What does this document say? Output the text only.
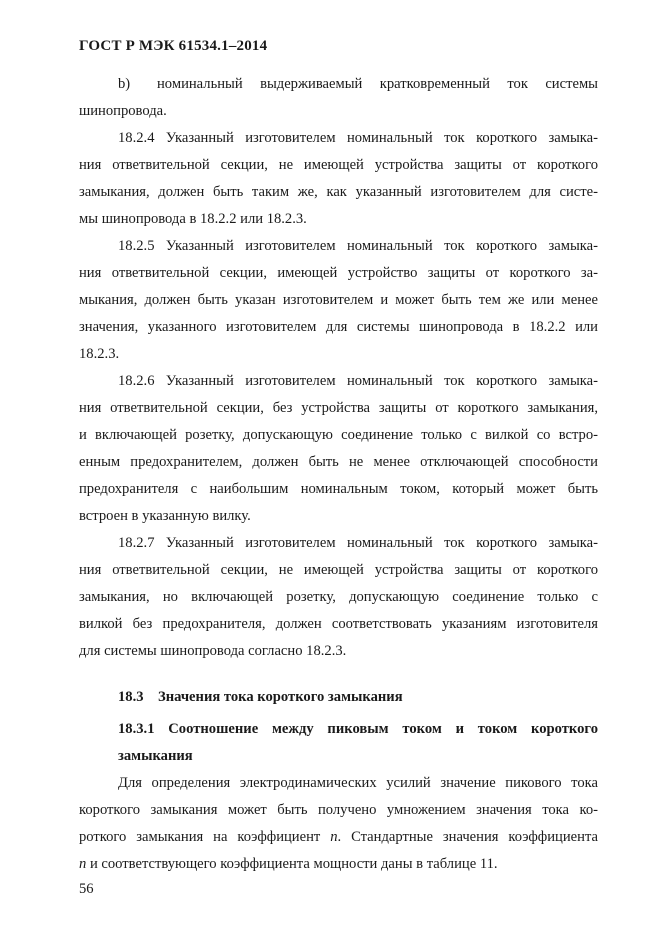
ГОСТ Р МЭК 61534.1–2014
b) номинальный выдерживаемый кратковременный ток системы
шинопровода.
18.2.4 Указанный изготовителем номинальный ток короткого замыка-
ния ответвительной секции, не имеющей устройства защиты от короткого
замыкания, должен быть таким же, как указанный изготовителем для систе-
мы шинопровода в 18.2.2 или 18.2.3.
18.2.5 Указанный изготовителем номинальный ток короткого замыка-
ния ответвительной секции, имеющей устройство защиты от короткого за-
мыкания, должен быть указан изготовителем и может быть тем же или менее
значения, указанного изготовителем для системы шинопровода в 18.2.2 или
18.2.3.
18.2.6 Указанный изготовителем номинальный ток короткого замыка-
ния ответвительной секции, без устройства защиты от короткого замыкания,
и включающей розетку, допускающую соединение только с вилкой со встро-
енным предохранителем, должен быть не менее отключающей способности
предохранителя с наибольшим номинальным током, который может быть
встроен в указанную вилку.
18.2.7 Указанный изготовителем номинальный ток короткого замыка-
ния ответвительной секции, не имеющей устройства защиты от короткого
замыкания, но включающей розетку, допускающую соединение только с
вилкой без предохранителя, должен соответствовать указаниям изготовителя
для системы шинопровода согласно 18.2.3.
18.3 Значения тока короткого замыкания
18.3.1 Соотношение между пиковым током и током короткого
замыкания
Для определения электродинамических усилий значение пикового тока
короткого замыкания может быть получено умножением значения тока ко-
роткого замыкания на коэффициент n. Стандартные значения коэффициента
n и соответствующего коэффициента мощности даны в таблице 11.
56
